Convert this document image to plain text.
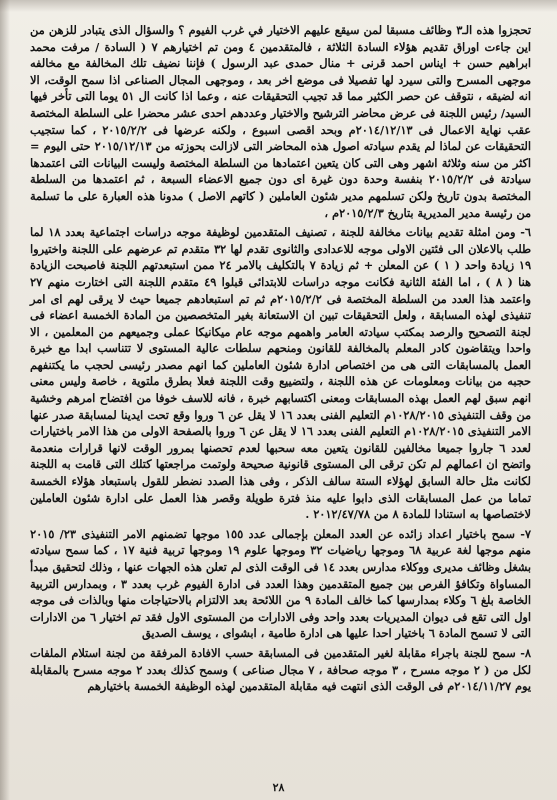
تحجزوا هذه الـ٣ وظائف مسبقا لمن سيقع عليهم الاختيار في غرب الفيوم ؟ والسؤال الذى يتبادر للزهن من اين جاءت اوراق تقديم هؤلاء السادة الثلاثة ، فالمتقدمين ٤ ومن تم اختيارهم ٧ ( السادة / مرفت محمد ابراهيم حسن + ايناس احمد قرنى + منال حمدى عبد الرسول ) فإننا نضيف تلك المخالفة مع مخالفه موجهى المسرح والتى سيرد لها تفصيلا فى موضع اخر بعد ، وموجهى المجال الصناعى اذا سمح الوقت، الا انه لضيقه ، نتوقف عن حصر الكثير مما قد تجيب التحقيقات عنه ، وعما اذا كانت ال ٥١ يوما التى تأخر فيها السيد/ رئيس اللجنة فى عرض محاضر الترشيح والاختيار وعددهم احدى عشر محضرا على السلطة المختصة عقب نهاية الاعمال فى ٢٠١٤/١٢/١٣م وبحد اقصى اسبوع ، ولكنه عرضها فى ٢٠١٥/٢/٢ ، كما ستجيب التحقيقات عن لماذا لم يقدم سيادته اصول هذه المحاضر التى لازالت بحوزته من ٢٠١٥/١٢/١٣ حتى اليوم = اكثر من سنه وثلاثة اشهر وهى التى كان يتعين اعتمادها من السلطة المختصة وليست البيانات التى اعتمدها سيادتة فى ٢٠١٥/٢/٢ بنفسة وحدة دون غيرة اى دون جميع الاعضاء السبعة ، ثم اعتمدها من السلطة المختصة بدون تاريخ ولكن تسلمهم مدير شئون العاملين ( كاتهم الاصل ) مدونا هذه العبارة على ما تسلمة من رئيسة مدير المديرية بتاريخ ٢٠١٥/٢/٣م ،

٦- ومن امثلة تقديم بيانات مخالفة للجنة ، تصنيف المتقدمين لوظيفة موجه دراسات اجتماعية بعدد ١٨ لما طلب بالاعلان الى فئتين الاولى موجه للاعدادى والثانوى تقدم لها ٣٢ متقدم تم عرضهم على اللجنة واختيروا ١٩ زيادة واحد ( ١ ) عن المعلن + ثم زيادة ٧ بالتكليف بالامر ٢٤ ممن استبعدتهم اللجنة فاصبحت الزيادة هنا ( ٨ ) ، اما الفئة الثانية فكانت موجه دراسات للابتدائى قبلوا ٤٩ متقدم اللجنة التى اختارت منهم ٢٧ واعتمد هذا العدد من السلطة المختصة فى ٢٠١٥/٢/٢م ثم تم استبعادهم جميعا حيث لا يرقى لهم اى امر تنفيذى لهذه المسابقة ، ولعل التحقيقات تبين ان الاستعانة بغير المتخصصين من المادة الخمسة اعضاء فى لجنة التصحيح والرصد بمكتب سيادته العامر واهمهم موجه عام ميكانيكا عملى وجميعهم من المعلمين ، الا واحدا ويتقاضون كادر المعلم بالمخالفة للقانون ومنحهم سلطات عالية المستوى لا تتناسب ابدا مع خبرة العمل بالمسابقات التى هى من اختصاص ادارة شئون العاملين كما انهم مصدر رئيسى لحجب ما يكتنفهم حجبه من بيانات ومعلومات عن هذه اللجنة ، ولتضييع وقت اللجنة فعلا بطرق ملتوية ، خاصة وليس معنى انهم سبق لهم العمل بهذه المسابقات ومعنى اكتسابهم خبرة ، فانه للاسف خوفا من افتضاح امرهم وخشية من وقف التنفيذى ١٠٢٨/٢٠١٥م التعليم الفنى بعدد ١٦ لا يقل عن ٦ وروا وقع تحت ايدينا لمسابقة صدر عنها الامر التنفيذى ١٠٢٨/٢٠١٥م التعليم الفنى بعدد ١٦ لا يقل عن ٦ وروا بالصفحة الاولى من هذا الامر باختيارات لعدد ٦ جاروا جميعا مخالفين للقانون يتعين معه سحبها لعدم تحصنها بمرور الوقت لانها قرارات منعدمة واتضح ان اعمالهم لم تكن ترقى الى المستوى قانونية صحيحة ولوتمت مراجعتها كتلك التى قامت به اللجنة لكانت مثل حالة السابق لهؤلاء الستة سالف الذكر ، وفى هذا الصدد نضطر للقول باستبعاد هؤلاء الخمسة تماما من عمل المسابقات الذى دابوا عليه منذ فترة طويلة وقصر هذا العمل على ادارة شئون العاملين لاختصاصها به استنادا للمادة ٨ من ٢٠١٢/٤٧/٧٨ .

٧- سمح باختيار اعداد زائده عن العدد المعلن بإجمالى عدد ١٥٥ موجها تضمنهم الامر التنفيذى ٢٣/ ٢٠١٥ منهم موجها لغة عربية ٦٨ وموجها رياضيات ٣٢ وموجها علوم ١٩ وموجها تربية فنية ١٧ ، كما سمح سيادته بشغل وظائف مديرى ووكلاء مدارس بعدد ١٤ فى الوقت الذى لم تعلن هذه الجهات عنها ، وذلك لتحقيق مبدأ المساواة وتكافؤ الفرص بين جميع المتقدمين وهذا العدد فى ادارة الفيوم غرب بعدد ٣ ، وبمدارس التربية الخاصة بلغ ٦ وكلاء بمدارسها كما خالف المادة ٩ من اللائحة بعد الالتزام بالاحتياجات منها وبالذات فى موجه اول التى تقع فى ديوان المديريات بعدد واحد وفى الادارات من المستوى الاول فقد تم اختيار ٦ من الادارات التى لا تسمح المادة ٦ باختيار احدا عليها هى ادارة طامية ، ابشواى ، يوسف الصديق

٨- سمح للجنة باجراء مقابلة لغير المتقدمين فى المسابقة حسب الافادة المرفقة من لجنة استلام الملفات لكل من ( ٢ موجه مسرح ، ٣ موجه صحافة ، ٧ مجال صناعى ) وسمح كذلك بعدد ٢ موجه مسرح بالمقابلة يوم ٢٠١٤/١١/٢٧م فى الوقت الذى انتهت فيه مقابلة المتقدمين لهذه الوظيفة الخمسة باختيارهم

٢٨
